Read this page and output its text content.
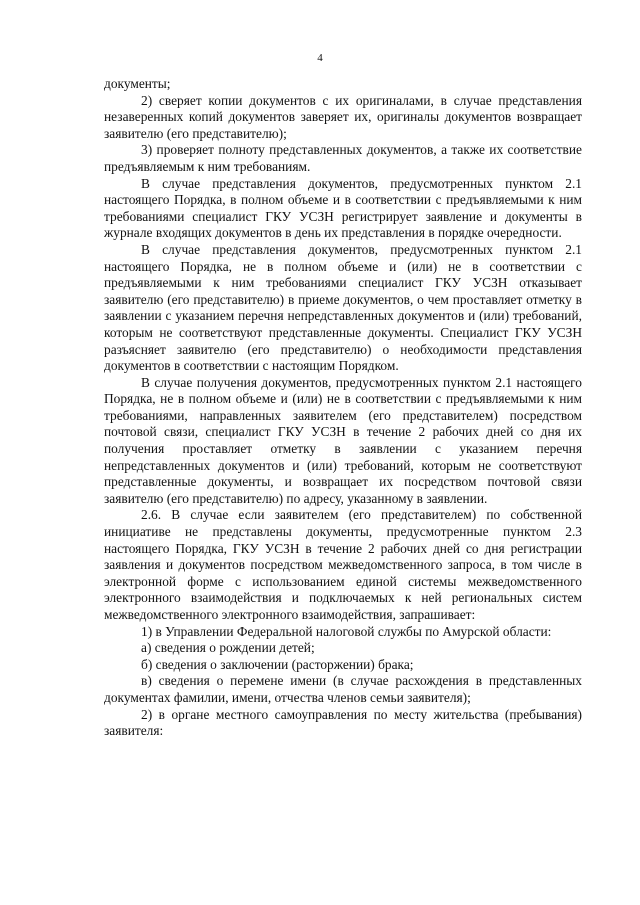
4

документы;

2) сверяет копии документов с их оригиналами, в случае представления незаверенных копий документов заверяет их, оригиналы документов возвращает заявителю (его представителю);

3) проверяет полноту представленных документов, а также их соответствие предъявляемым к ним требованиям.

В случае представления документов, предусмотренных пунктом 2.1 настоящего Порядка, в полном объеме и в соответствии с предъявляемыми к ним требованиями специалист ГКУ УСЗН регистрирует заявление и документы в журнале входящих документов в день их представления в порядке очередности.

В случае представления документов, предусмотренных пунктом 2.1 настоящего Порядка, не в полном объеме и (или) не в соответствии с предъявляемыми к ним требованиями специалист ГКУ УСЗН отказывает заявителю (его представителю) в приеме документов, о чем проставляет отметку в заявлении с указанием перечня непредставленных документов и (или) требований, которым не соответствуют представленные документы. Специалист ГКУ УСЗН разъясняет заявителю (его представителю) о необходимости представления документов в соответствии с настоящим Порядком.

В случае получения документов, предусмотренных пунктом 2.1 настоящего Порядка, не в полном объеме и (или) не в соответствии с предъявляемыми к ним требованиями, направленных заявителем (его представителем) посредством почтовой связи, специалист ГКУ УСЗН в течение 2 рабочих дней со дня их получения проставляет отметку в заявлении с указанием перечня непредставленных документов и (или) требований, которым не соответствуют представленные документы, и возвращает их посредством почтовой связи заявителю (его представителю) по адресу, указанному в заявлении.

2.6. В случае если заявителем (его представителем) по собственной инициативе не представлены документы, предусмотренные пунктом 2.3 настоящего Порядка, ГКУ УСЗН в течение 2 рабочих дней со дня регистрации заявления и документов посредством межведомственного запроса, в том числе в электронной форме с использованием единой системы межведомственного электронного взаимодействия и подключаемых к ней региональных систем межведомственного электронного взаимодействия, запрашивает:

1) в Управлении Федеральной налоговой службы по Амурской области:

а) сведения о рождении детей;

б) сведения о заключении (расторжении) брака;

в) сведения о перемене имени (в случае расхождения в представленных документах фамилии, имени, отчества членов семьи заявителя);

2) в органе местного самоуправления по месту жительства (пребывания) заявителя:
